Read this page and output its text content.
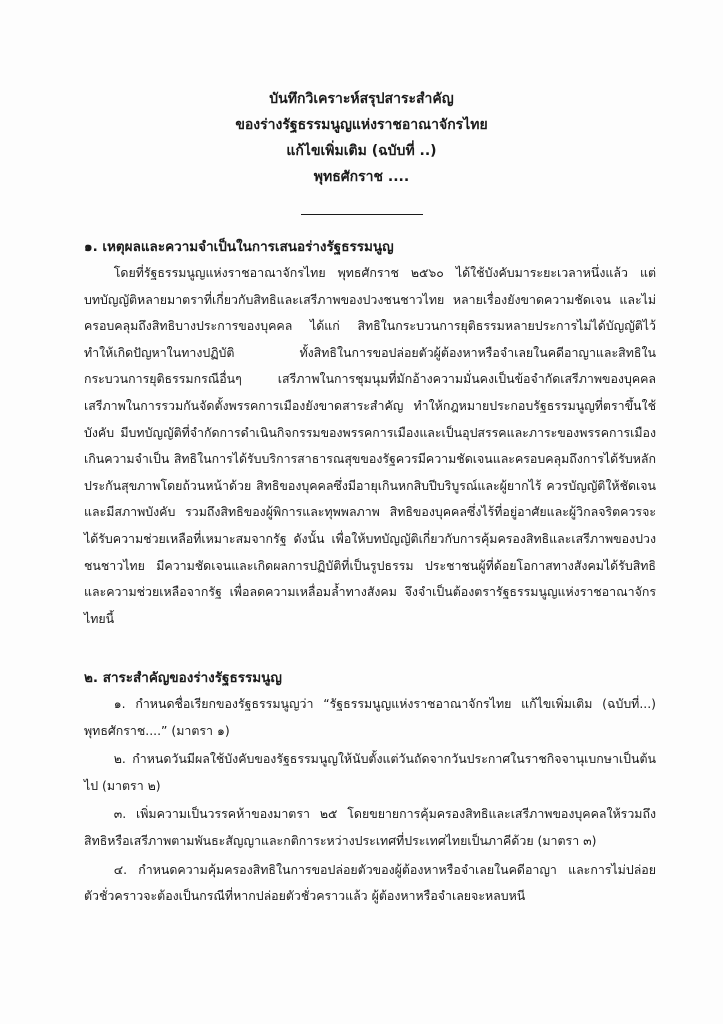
บันทึกวิเคราะห์สรุปสาระสำคัญ
ของร่างรัฐธรรมนูญแห่งราชอาณาจักรไทย
แก้ไขเพิ่มเติม (ฉบับที่ ..)
พุทธศักราช ....
๑. เหตุผลและความจำเป็นในการเสนอร่างรัฐธรรมนูญ

โดยที่รัฐธรรมนูญแห่งราชอาณาจักรไทย พุทธศักราช ๒๕๖๐ ได้ใช้บังคับมาระยะเวลาหนึ่งแล้ว แต่บทบัญญัติหลายมาตราที่เกี่ยวกับสิทธิและเสรีภาพของปวงชนชาวไทย หลายเรื่องยังขาดความชัดเจน และไม่ครอบคลุมถึงสิทธิบางประการของบุคคล ได้แก่ สิทธิในกระบวนการยุติธรรมหลายประการไม่ได้บัญญัติไว้ ทำให้เกิดปัญหาในทางปฏิบัติ ทั้งสิทธิในการขอปล่อยตัวผู้ต้องหาหรือจำเลยในคดีอาญาและสิทธิในกระบวนการยุติธรรมกรณีอื่นๆ เสรีภาพในการชุมนุมที่มักอ้างความมั่นคงเป็นข้อจำกัดเสรีภาพของบุคคลเสรีภาพในการรวมกันจัดตั้งพรรคการเมืองยังขาดสาระสำคัญ ทำให้กฎหมายประกอบรัฐธรรมนูญที่ตราขึ้นใช้บังคับ มีบทบัญญัติที่จำกัดการดำเนินกิจกรรมของพรรคการเมืองและเป็นอุปสรรคและภาระของพรรคการเมืองเกินความจำเป็น สิทธิในการได้รับบริการสาธารณสุขของรัฐควรมีความชัดเจนและครอบคลุมถึงการได้รับหลักประกันสุขภาพโดยถ้วนหน้าด้วย สิทธิของบุคคลซึ่งมีอายุเกินหกสิบปีบริบูรณ์และผู้ยากไร้ ควรบัญญัติให้ชัดเจนและมีสภาพบังคับ รวมถึงสิทธิของผู้พิการและทุพพลภาพ สิทธิของบุคคลซึ่งไร้ที่อยู่อาศัยและผู้วิกลจริตควรจะได้รับความช่วยเหลือที่เหมาะสมจากรัฐ ดังนั้น เพื่อให้บทบัญญัติเกี่ยวกับการคุ้มครองสิทธิและเสรีภาพของปวงชนชาวไทย มีความชัดเจนและเกิดผลการปฏิบัติที่เป็นรูปธรรม ประชาชนผู้ที่ด้อยโอกาสทางสังคมได้รับสิทธิและความช่วยเหลือจากรัฐ เพื่อลดความเหลื่อมล้ำทางสังคม จึงจำเป็นต้องตรารัฐธรรมนูญแห่งราชอาณาจักรไทยนี้

๒. สาระสำคัญของร่างรัฐธรรมนูญ

๑. กำหนดชื่อเรียกของรัฐธรรมนูญว่า “รัฐธรรมนูญแห่งราชอาณาจักรไทย แก้ไขเพิ่มเติม (ฉบับที่...) พุทธศักราช....” (มาตรา ๑)

๒. กำหนดวันมีผลใช้บังคับของรัฐธรรมนูญให้นับตั้งแต่วันถัดจากวันประกาศในราชกิจจานุเบกษาเป็นต้นไป (มาตรา ๒)

๓. เพิ่มความเป็นวรรคห้าของมาตรา ๒๕ โดยขยายการคุ้มครองสิทธิและเสรีภาพของบุคคลให้รวมถึงสิทธิหรือเสรีภาพตามพันธะสัญญาและกติการะหว่างประเทศที่ประเทศไทยเป็นภาคีด้วย (มาตรา ๓)

๔. กำหนดความคุ้มครองสิทธิในการขอปล่อยตัวของผู้ต้องหาหรือจำเลยในคดีอาญา และการไม่ปล่อยตัวชั่วคราวจะต้องเป็นกรณีที่หากปล่อยตัวชั่วคราวแล้ว ผู้ต้องหาหรือจำเลยจะหลบหนี
